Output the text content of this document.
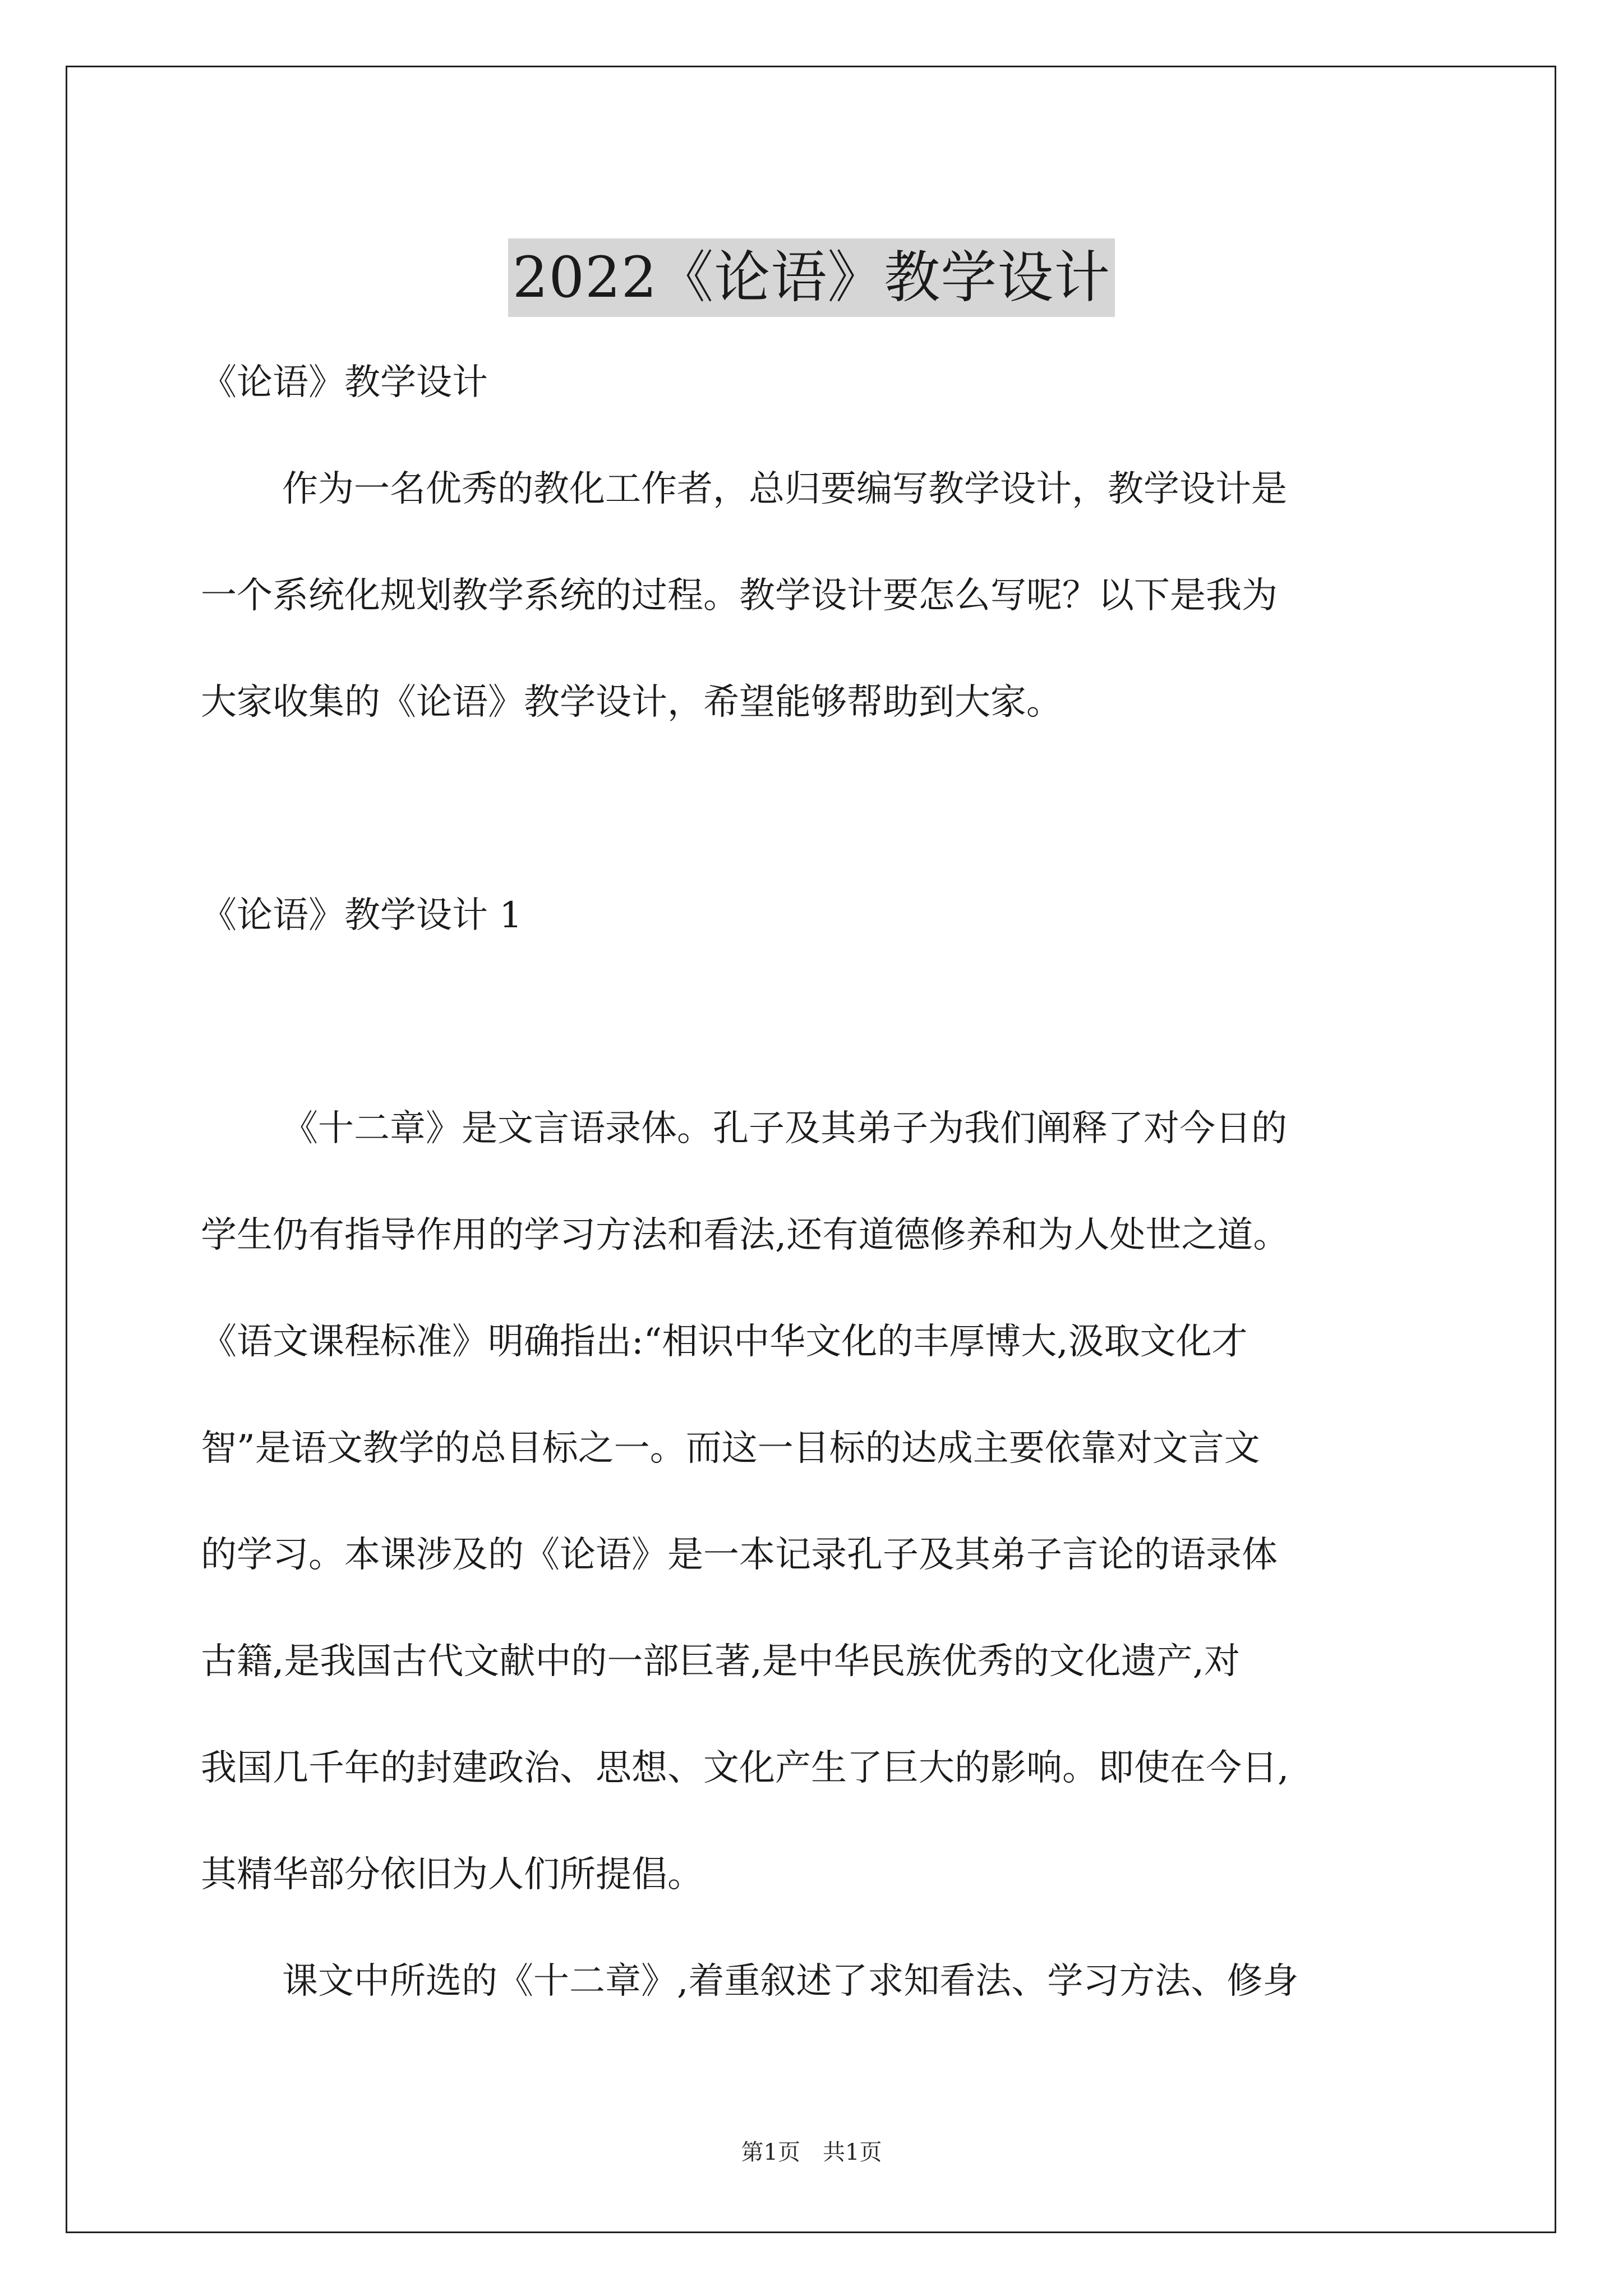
2022《论语》教学设计

《论语》教学设计

作为一名优秀的教化工作者，总归要编写教学设计，教学设计是

一个系统化规划教学系统的过程。教学设计要怎么写呢？以下是我为

大家收集的《论语》教学设计，希望能够帮助到大家。

《论语》教学设计 1

《十二章》是文言语录体。孔子及其弟子为我们阐释了对今日的

学生仍有指导作用的学习方法和看法,还有道德修养和为人处世之道。

《语文课程标准》明确指出:“相识中华文化的丰厚博大,汲取文化才

智”是语文教学的总目标之一。而这一目标的达成主要依靠对文言文

的学习。本课涉及的《论语》是一本记录孔子及其弟子言论的语录体

古籍,是我国古代文献中的一部巨著,是中华民族优秀的文化遗产,对

我国几千年的封建政治、思想、文化产生了巨大的影响。即使在今日,

其精华部分依旧为人们所提倡。

课文中所选的《十二章》,着重叙述了求知看法、学习方法、修身

第1页　共1页
